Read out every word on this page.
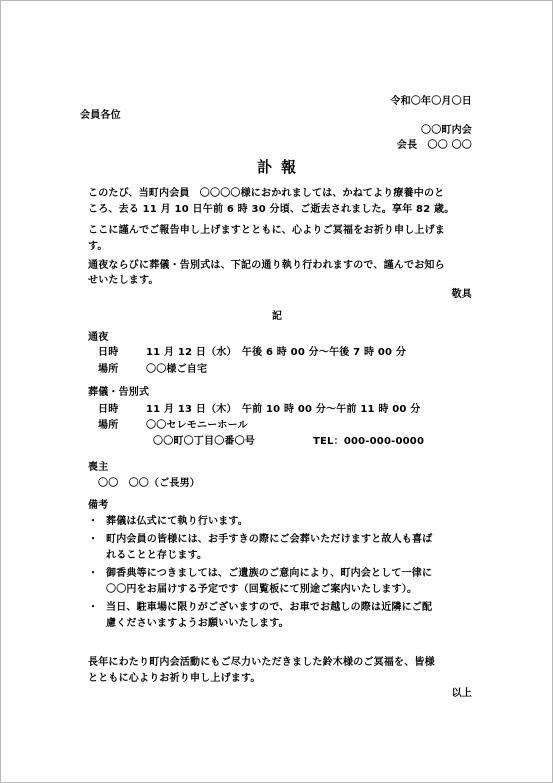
令和〇年〇月〇日
会員各位
〇〇町内会
会長　〇〇 〇〇
訃報
このたび、当町内会員　〇〇〇〇様におかれましては、かねてより療養中のと
ころ、去る 11 月 10 日午前 6 時 30 分頃、ご逝去されました。享年 82 歳。
ここに謹んでご報告申し上げますとともに、心よりご冥福をお祈り申し上げま
す。
通夜ならびに葬儀・告別式は、下記の通り執り行われますので、謹んでお知ら
せいたします。
敬具
記
通夜
日時	11 月 12 日（水）　午後 6 時 00 分～午後 7 時 00 分
場所	〇〇様ご自宅
葬儀・告別式
日時	11 月 13 日（木）　午前 10 時 00 分～午前 11 時 00 分
場所	〇〇セレモニーホール
〇〇町〇丁目〇番〇号	TEL：000-000-0000
喪主
〇〇　〇〇（ご長男）
備考
・ 葬儀は仏式にて執り行います。
・ 町内会員の皆様には、お手すきの際にご会葬いただけますと故人も喜ば
れることと存じます。
・ 御香典等につきましては、ご遺族のご意向により、町内会として一律に
〇〇円をお届けする予定です（回覧板にて別途ご案内いたします）。
・ 当日、駐車場に限りがございますので、お車でお越しの際は近隣にご配
慮くださいますようお願いいたします。
長年にわたり町内会活動にもご尽力いただきました鈴木様のご冥福を、皆様
とともに心よりお祈り申し上げます。
以上
